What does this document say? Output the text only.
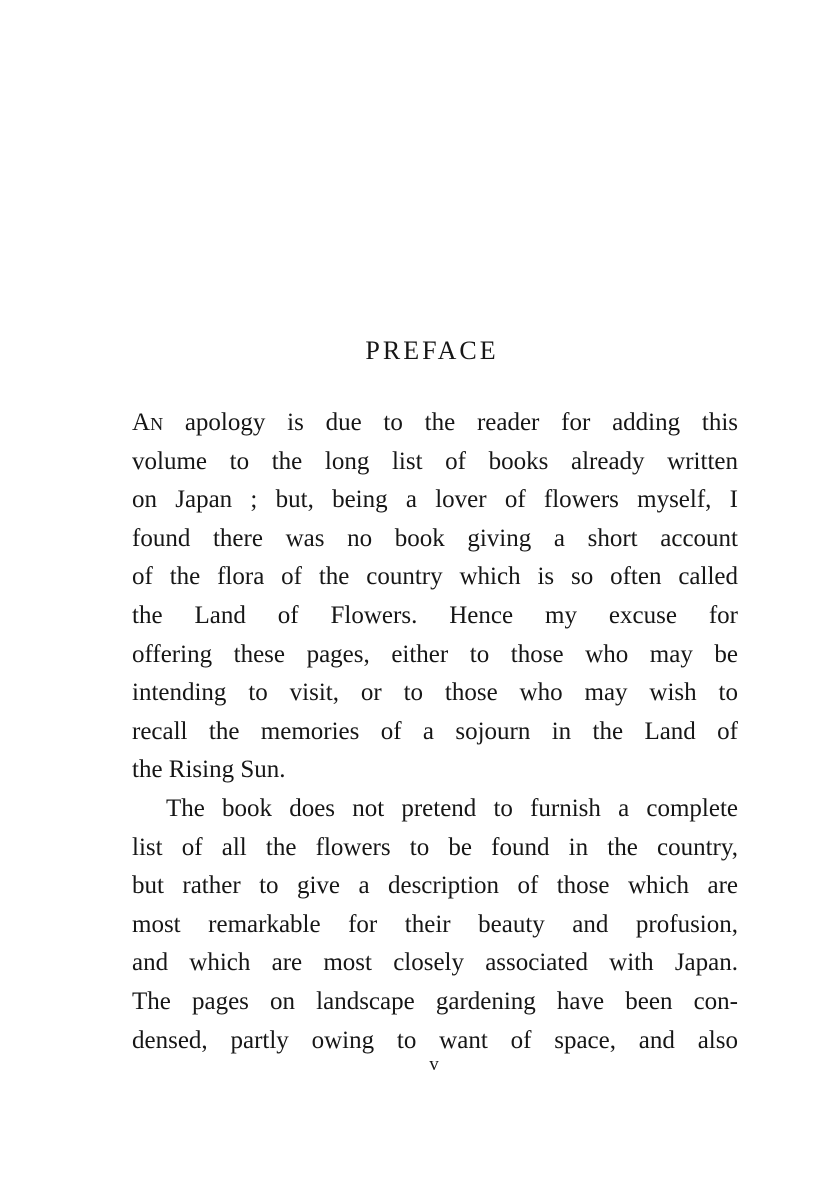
PREFACE
An apology is due to the reader for adding this
volume to the long list of books already written
on Japan ; but, being a lover of flowers myself, I
found there was no book giving a short account
of the flora of the country which is so often called
the Land of Flowers. Hence my excuse for
offering these pages, either to those who may be
intending to visit, or to those who may wish to
recall the memories of a sojourn in the Land of
the Rising Sun.
The book does not pretend to furnish a complete
list of all the flowers to be found in the country,
but rather to give a description of those which are
most remarkable for their beauty and profusion,
and which are most closely associated with Japan.
The pages on landscape gardening have been con-
densed, partly owing to want of space, and also
v
